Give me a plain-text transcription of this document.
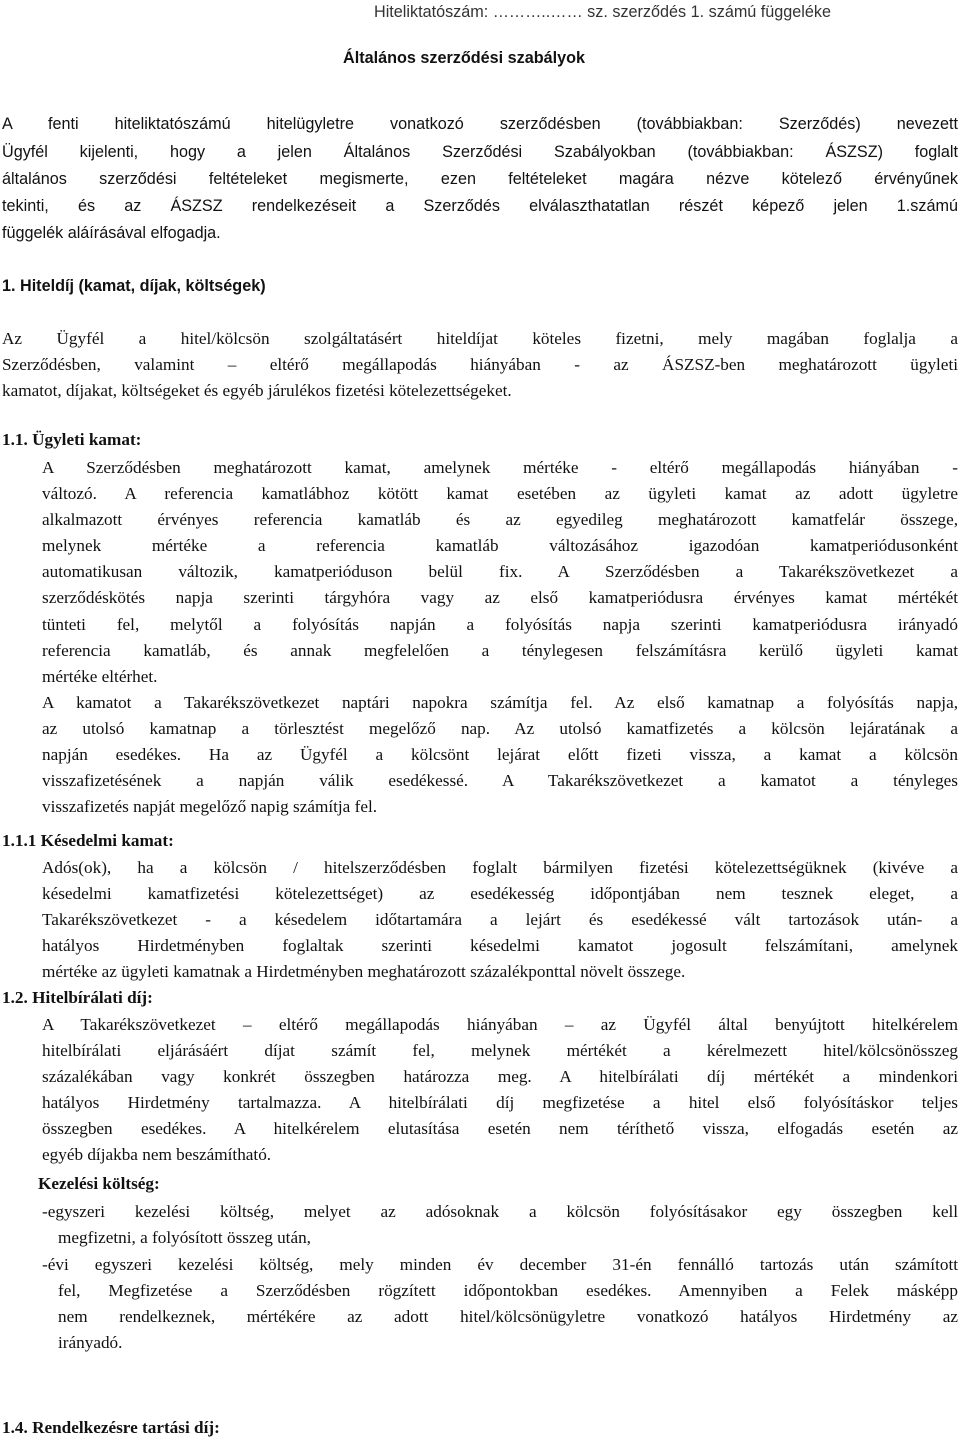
Hiteliktatószám: ………..…… sz. szerződés 1. számú függeléke
Általános szerződési szabályok
A fenti hiteliktatószámú hitelügyletre vonatkozó szerződésben (továbbiakban: Szerződés) nevezett
Ügyfél kijelenti, hogy a jelen Általános Szerződési Szabályokban (továbbiakban: ÁSZSZ) foglalt
általános szerződési feltételeket megismerte, ezen feltételeket magára nézve kötelező érvényűnek
tekinti, és az ÁSZSZ rendelkezéseit a Szerződés elválaszthatatlan részét képező jelen 1.számú
függelék aláírásával elfogadja.
1. Hiteldíj (kamat, díjak, költségek)

Az Ügyfél a hitel/kölcsön szolgáltatásért hiteldíjat köteles fizetni, mely magában foglalja a

Szerződésben, valamint – eltérő megállapodás hiányában - az ÁSZSZ-ben meghatározott ügyleti

kamatot, díjakat, költségeket és egyéb járulékos fizetési kötelezettségeket.

1.1. Ügyleti kamat:

A Szerződésben meghatározott kamat, amelynek mértéke - eltérő megállapodás hiányában -

változó. A referencia kamatlábhoz kötött kamat esetében az ügyleti kamat az adott ügyletre

alkalmazott érvényes referencia kamatláb és az egyedileg meghatározott kamatfelár összege,

melynek mértéke a referencia kamatláb változásához igazodóan kamatperiódusonként

automatikusan változik, kamatperióduson belül fix. A Szerződésben a Takarékszövetkezet a

szerződéskötés napja szerinti tárgyhóra vagy az első kamatperiódusra érvényes kamat mértékét

tünteti fel, melytől a folyósítás napján a folyósítás napja szerinti kamatperiódusra irányadó

referencia kamatláb, és annak megfelelően a ténylegesen felszámításra kerülő ügyleti kamat

mértéke eltérhet.

A kamatot a Takarékszövetkezet naptári napokra számítja fel. Az első kamatnap a folyósítás napja,

az utolsó kamatnap a törlesztést megelőző nap. Az utolsó kamatfizetés a kölcsön lejáratának a

napján esedékes. Ha az Ügyfél a kölcsönt lejárat előtt fizeti vissza, a kamat a kölcsön

visszafizetésének a napján válik esedékessé. A Takarékszövetkezet a kamatot a tényleges

visszafizetés napját megelőző napig számítja fel.

1.1.1 Késedelmi kamat:

Adós(ok), ha a kölcsön / hitelszerződésben foglalt bármilyen fizetési kötelezettségüknek (kivéve a

késedelmi kamatfizetési kötelezettséget) az esedékesség időpontjában nem tesznek eleget, a

Takarékszövetkezet - a késedelem időtartamára a lejárt és esedékessé vált tartozások után- a

hatályos Hirdetményben foglaltak szerinti késedelmi kamatot jogosult felszámítani, amelynek

mértéke az ügyleti kamatnak a Hirdetményben meghatározott százalékponttal növelt összege.

1.2. Hitelbírálati díj:

A Takarékszövetkezet – eltérő megállapodás hiányában – az Ügyfél által benyújtott hitelkérelem

hitelbírálati eljárásáért díjat számít fel, melynek mértékét a kérelmezett hitel/kölcsönösszeg

százalékában vagy konkrét összegben határozza meg. A hitelbírálati díj mértékét a mindenkori

hatályos Hirdetmény tartalmazza. A hitelbírálati díj megfizetése a hitel első folyósításkor teljes

összegben esedékes. A hitelkérelem elutasítása esetén nem téríthető vissza, elfogadás esetén az

egyéb díjakba nem beszámítható.

Kezelési költség:

-egyszeri kezelési költség, melyet az adósoknak a kölcsön folyósításakor egy összegben kell

megfizetni, a folyósított összeg után,

-évi egyszeri kezelési költség, mely minden év december 31-én fennálló tartozás után számított

fel, Megfizetése a Szerződésben rögzített időpontokban esedékes. Amennyiben a Felek másképp

nem rendelkeznek, mértékére az adott hitel/kölcsönügyletre vonatkozó hatályos Hirdetmény az

irányadó.

1.4. Rendelkezésre tartási díj:
